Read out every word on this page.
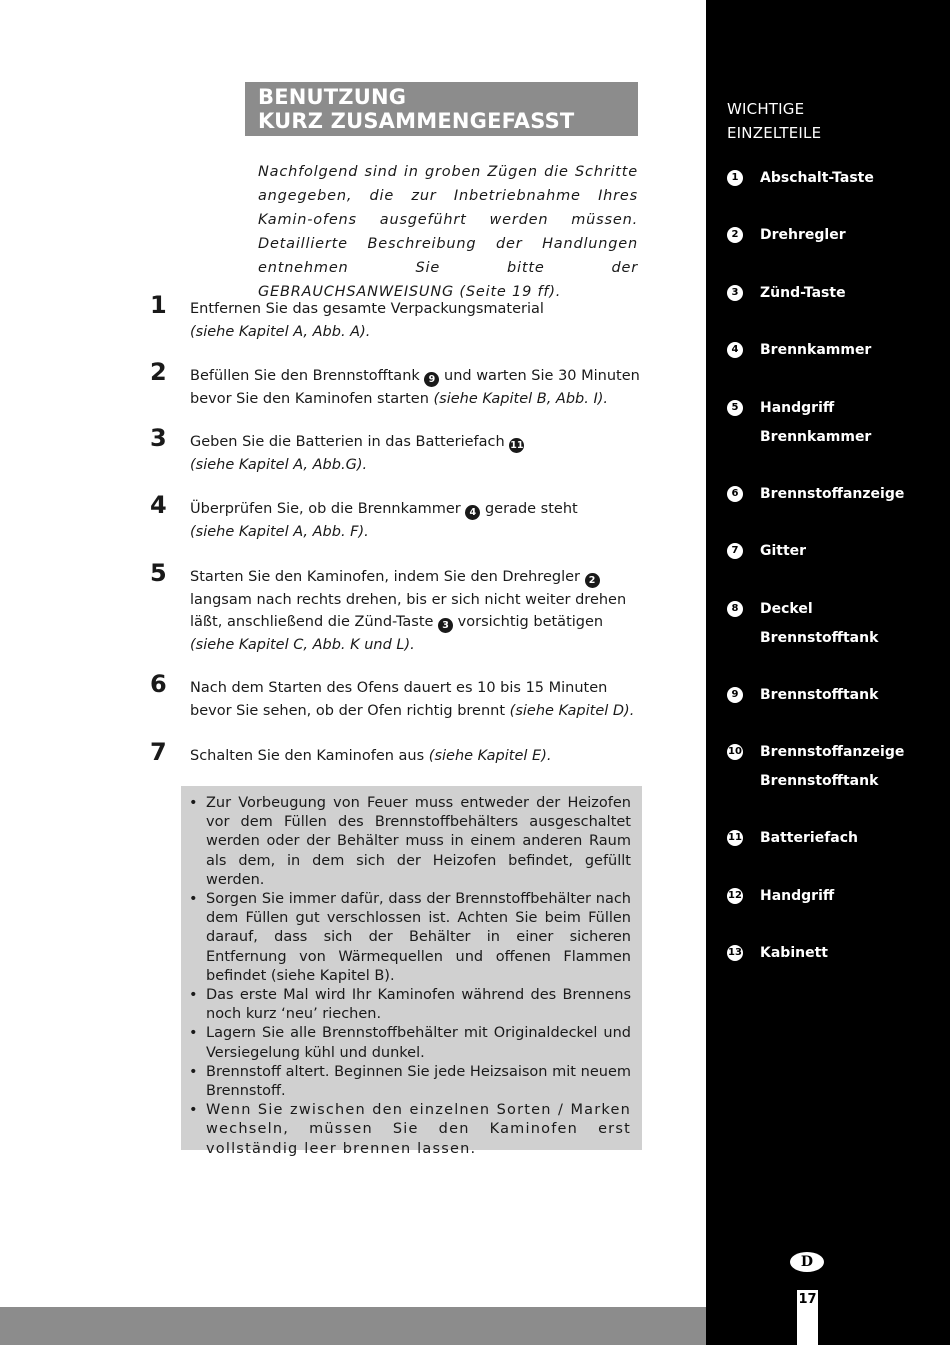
BENUTZUNG
KURZ ZUSAMMENGEFASST

Nachfolgend sind in groben Zügen die Schritte angegeben, die zur Inbetriebnahme Ihres Kamin-ofens ausgeführt werden müssen. Detaillierte Beschreibung der Handlungen entnehmen Sie bitte der GEBRAUCHSANWEISUNG (Seite 19 ff).

1 Entfernen Sie das gesamte Verpackungsmaterial
(siehe Kapitel A, Abb. A).
2 Befüllen Sie den Brennstofftank 9 und warten Sie 30 Minuten bevor Sie den Kaminofen starten (siehe Kapitel B, Abb. I).
3 Geben Sie die Batterien in das Batteriefach 11
(siehe Kapitel A, Abb.G).
4 Überprüfen Sie, ob die Brennkammer 4 gerade steht
(siehe Kapitel A, Abb. F).
5 Starten Sie den Kaminofen, indem Sie den Drehregler 2 langsam nach rechts drehen, bis er sich nicht weiter drehen läßt, anschließend die Zünd-Taste 3 vorsichtig betätigen (siehe Kapitel C, Abb. K und L).
6 Nach dem Starten des Ofens dauert es 10 bis 15 Minuten bevor Sie sehen, ob der Ofen richtig brennt (siehe Kapitel D).
7 Schalten Sie den Kaminofen aus (siehe Kapitel E).
• Zur Vorbeugung von Feuer muss entweder der Heizofen vor dem Füllen des Brennstoffbehälters ausgeschaltet werden oder der Behälter muss in einem anderen Raum als dem, in dem sich der Heizofen befindet, gefüllt werden.
• Sorgen Sie immer dafür, dass der Brennstoffbehälter nach dem Füllen gut verschlossen ist. Achten Sie beim Füllen darauf, dass sich der Behälter in einer sicheren Entfernung von Wärmequellen und offenen Flammen befindet (siehe Kapitel B).
• Das erste Mal wird Ihr Kaminofen während des Brennens noch kurz ‘neu’ riechen.
• Lagern Sie alle Brennstoffbehälter mit Originaldeckel und Versiegelung kühl und dunkel.
• Brennstoff altert. Beginnen Sie jede Heizsaison mit neuem Brennstoff.
• Wenn Sie zwischen den einzelnen Sorten / Marken wechseln, müssen Sie den Kaminofen erst vollständig leer brennen lassen.
WICHTIGE
EINZELTEILE
1	Abschalt-Taste
2	Drehregler
3	Zünd-Taste
4	Brennkammer
5	Handgriff
Brennkammer
6	Brennstoffanzeige
7	Gitter
8	Deckel
Brennstofftank
9	Brennstofftank
10 Brennstoffanzeige
Brennstofftank
11 Batteriefach
12 Handgriff
13 Kabinett
D
17
